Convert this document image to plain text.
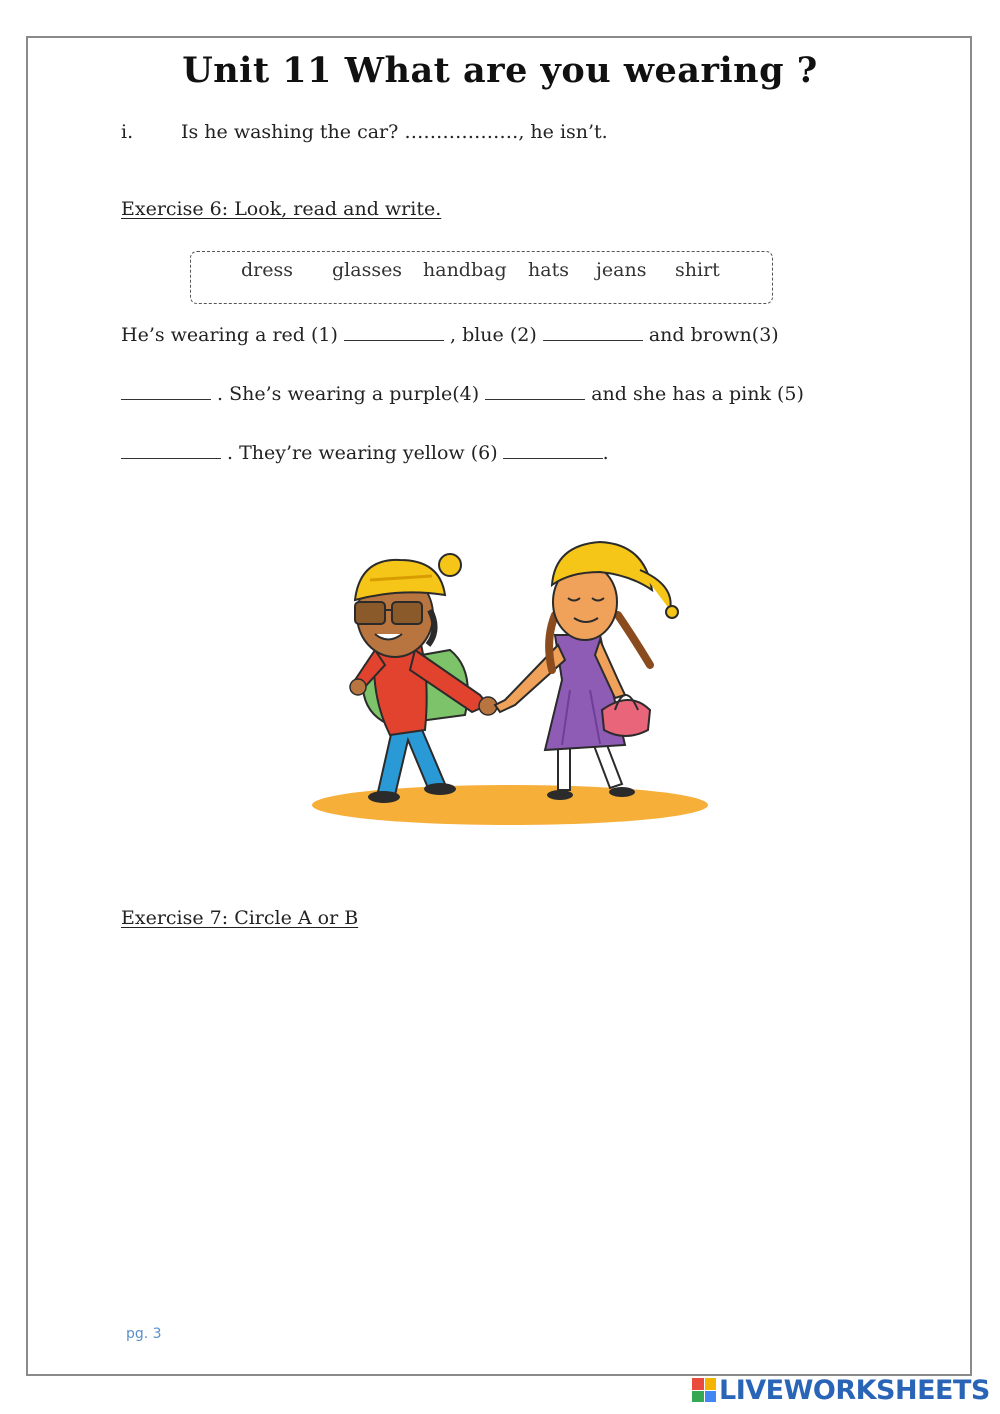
Unit 11 What are you wearing ?
i.	Is he washing the car? ………………, he isn’t.
Exercise 6: Look, read and write.
dress glasses handbag hats jeans shirt
He’s wearing a red (1)	, blue (2)	and brown(3)
. She’s wearing a purple(4)	and she has a pink (5)
. They’re wearing yellow (6)	.
Exercise 7: Circle A or B
pg. 3
LIVEWORKSHEETS
